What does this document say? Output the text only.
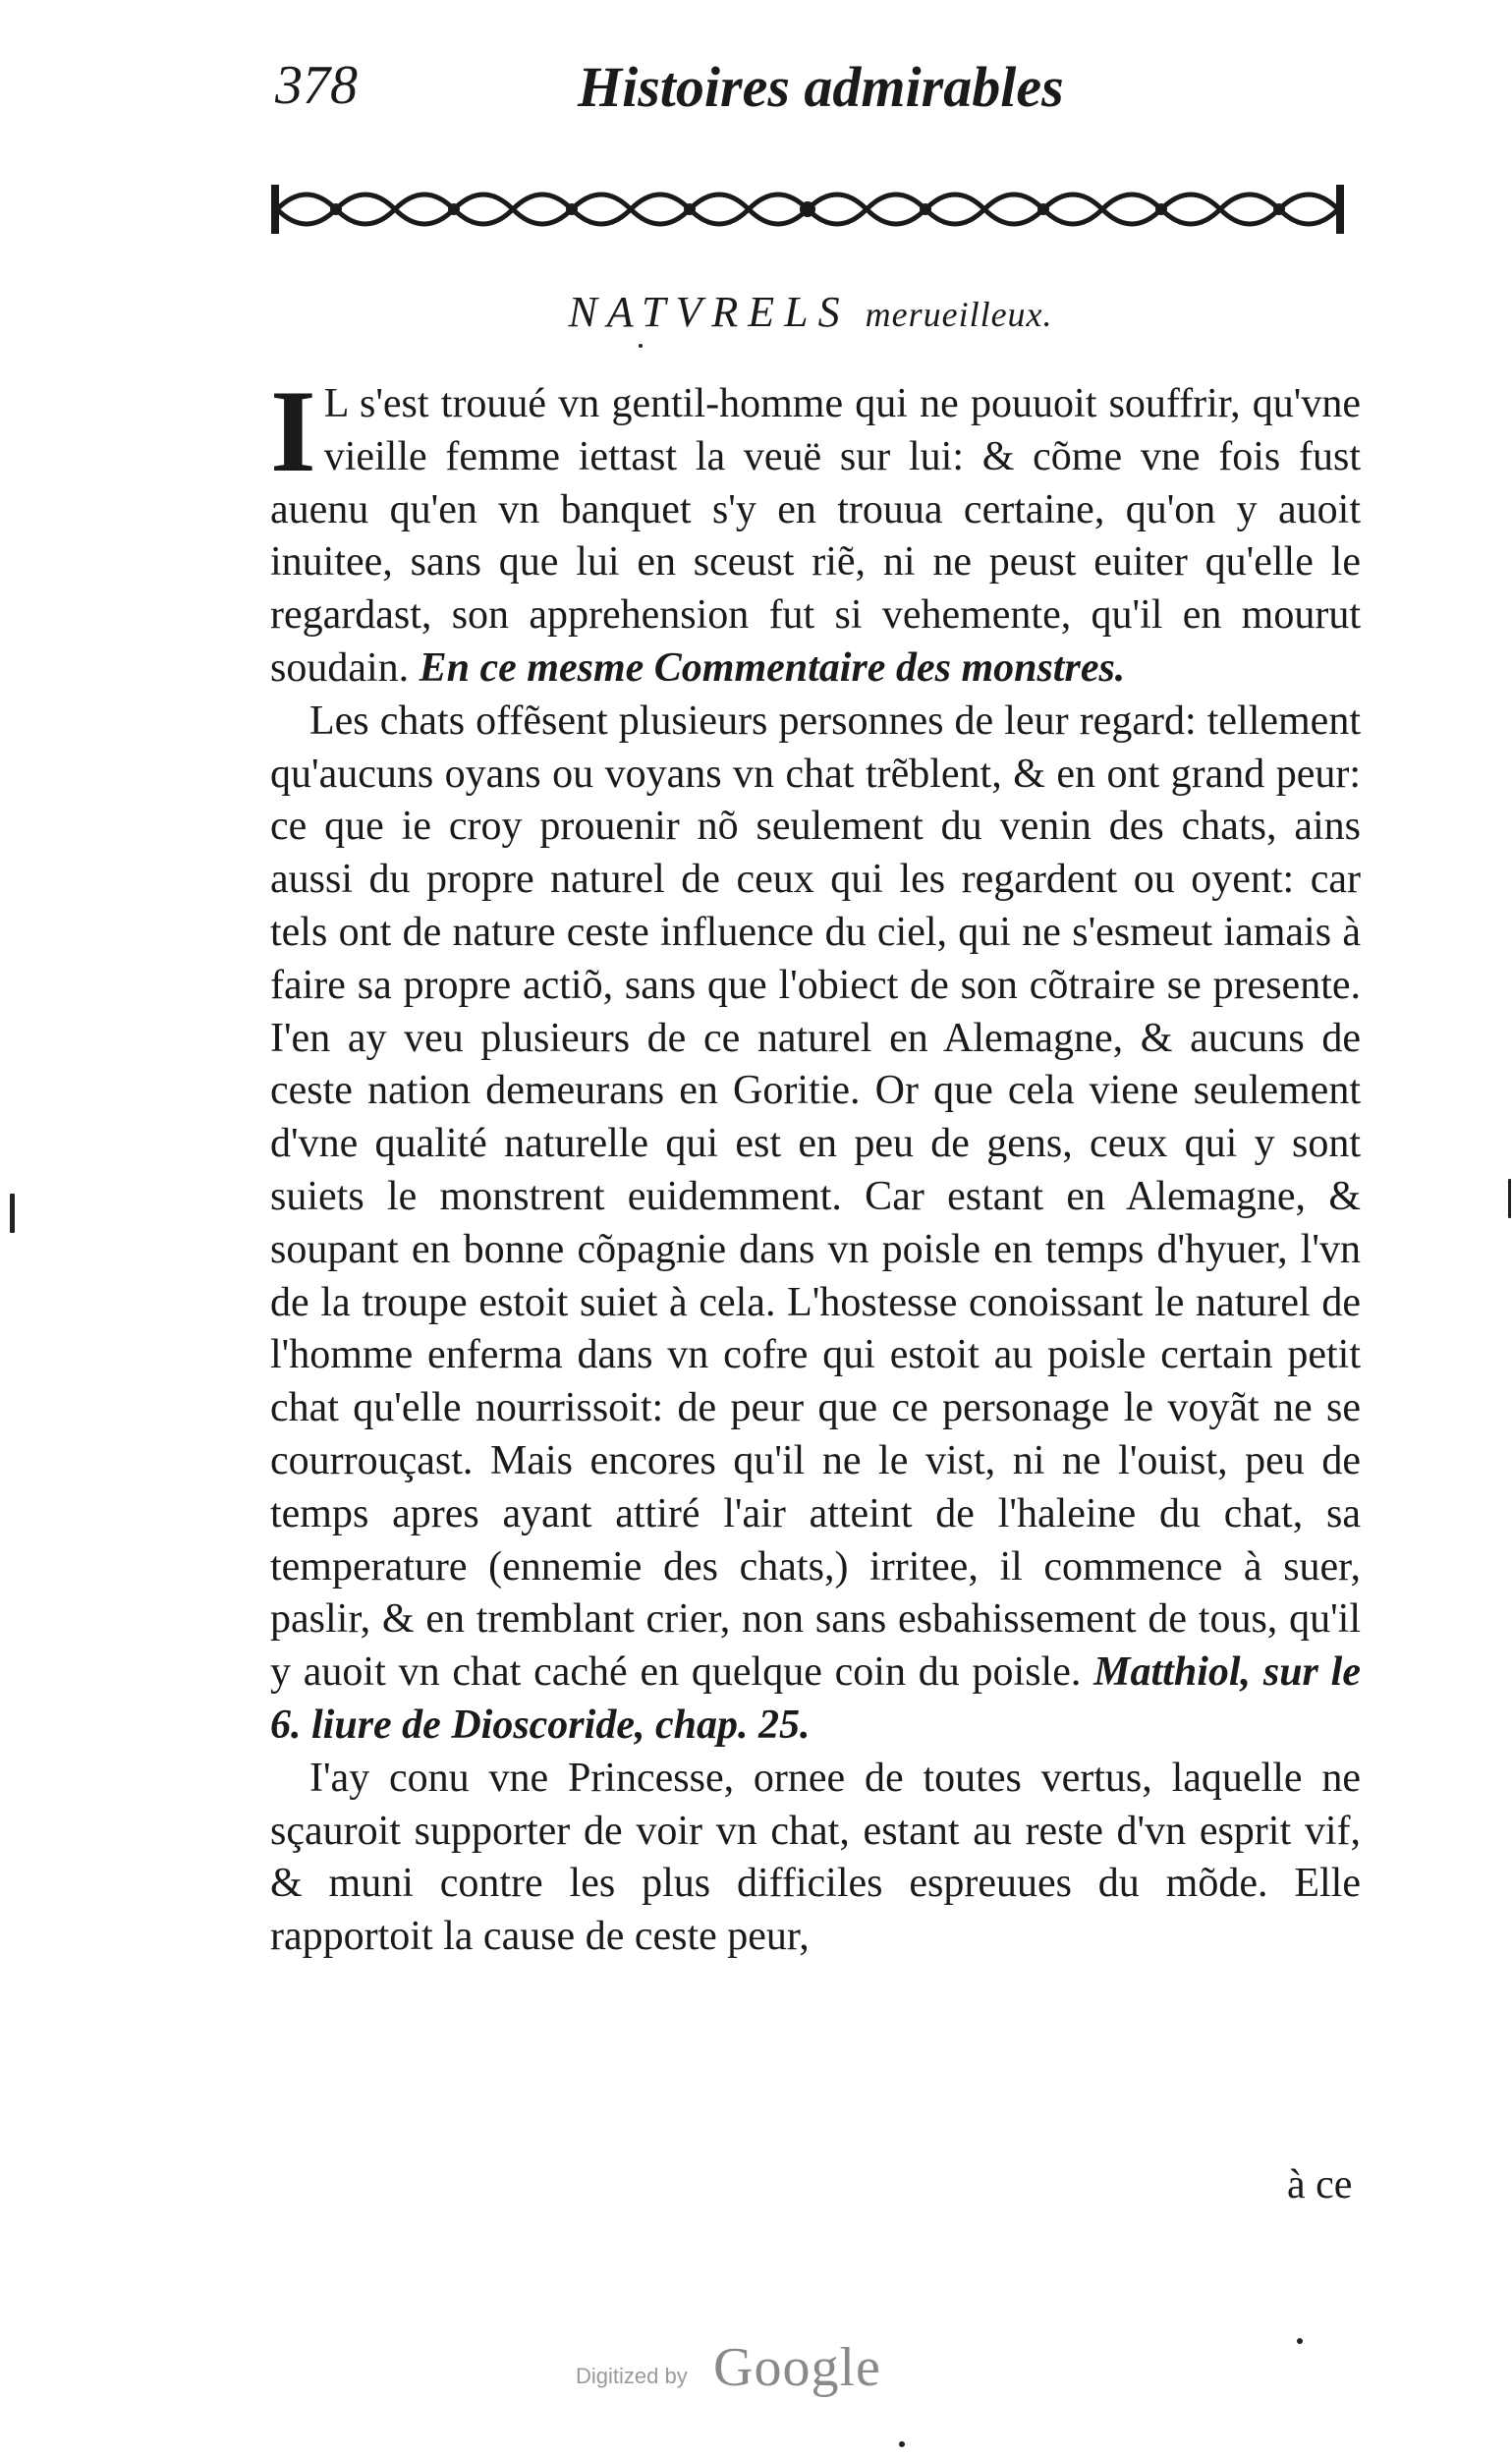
378	Histoires admirables
NATVRELS merueilleux.

I L s'est trouué vn gentil-homme qui ne pouuoit souffrir, qu'vne vieille femme iettast la veuë sur lui: & cõme vne fois fust auenu qu'en vn banquet s'y en trouua certaine, qu'on y auoit inuitee, sans que lui en sceust riẽ, ni ne peust euiter qu'elle le regardast, son apprehension fut si vehemente, qu'il en mourut soudain. En ce mesme Commentaire des monstres.

Les chats offẽsent plusieurs personnes de leur regard: tellement qu'aucuns oyans ou voyans vn chat trẽblent, & en ont grand peur: ce que ie croy prouenir nõ seulement du venin des chats, ains aussi du propre naturel de ceux qui les regardent ou oyent: car tels ont de nature ceste influence du ciel, qui ne s'esmeut iamais à faire sa propre actiõ, sans que l'obiect de son cõtraire se presente. I'en ay veu plusieurs de ce naturel en Alemagne, & aucuns de ceste nation demeurans en Goritie. Or que cela viene seulement d'vne qualité naturelle qui est en peu de gens, ceux qui y sont suiets le monstrent euidemment. Car estant en Alemagne, & soupant en bonne cõpagnie dans vn poisle en temps d'hyuer, l'vn de la troupe estoit suiet à cela. L'hostesse conoissant le naturel de l'homme enferma dans vn cofre qui estoit au poisle certain petit chat qu'elle nourrissoit: de peur que ce personage le voyãt ne se courrouçast. Mais encores qu'il ne le vist, ni ne l'ouist, peu de temps apres ayant attiré l'air atteint de l'haleine du chat, sa temperature (ennemie des chats,) irritee, il commence à suer, paslir, & en tremblant crier, non sans esbahissement de tous, qu'il y auoit vn chat caché en quelque coin du poisle. Matthiol, sur le 6. liure de Dioscoride, chap. 25.

I'ay conu vne Princesse, ornee de toutes vertus, laquelle ne sçauroit supporter de voir vn chat, estant au reste d'vn esprit vif, & muni contre les plus difficiles espreuues du mõde. Elle rapportoit la cause de ceste peur,

à ce
Digitized by Google
